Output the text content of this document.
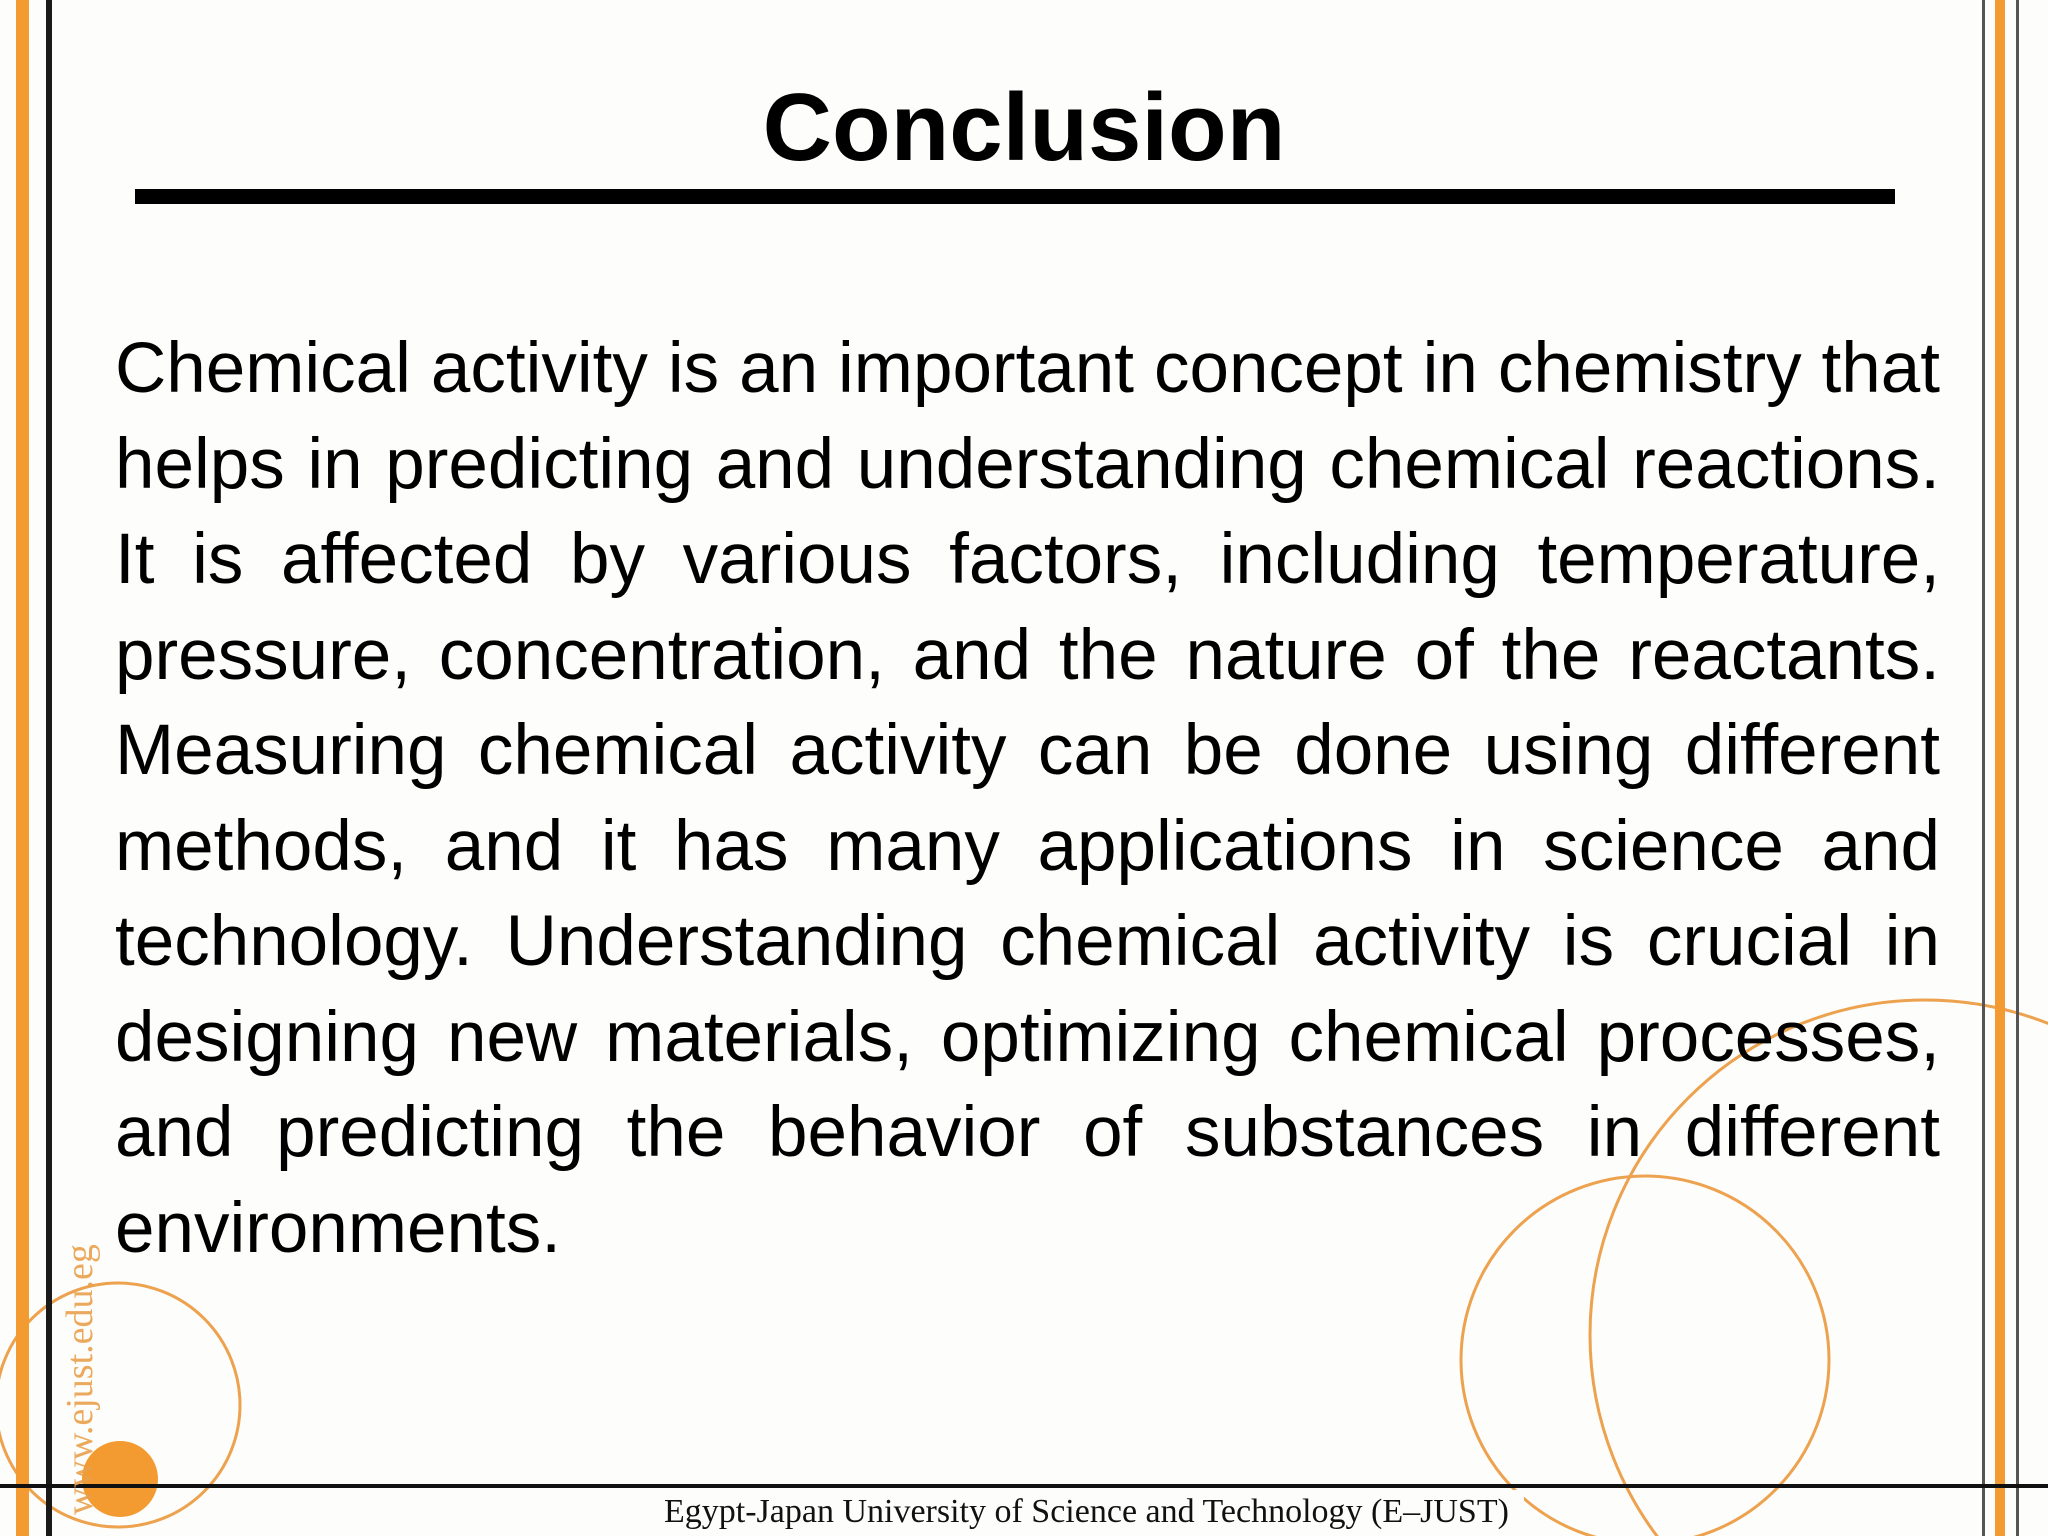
Conclusion

Chemical activity is an important concept in chemistry that helps in predicting and understanding chemical reactions. It is affected by various factors, including temperature, pressure, concentration, and the nature of the reactants. Measuring chemical activity can be done using different methods, and it has many applications in science and technology. Understanding chemical activity is crucial in designing new materials, optimizing chemical processes, and predicting the behavior of substances in different environments.

Egypt-Japan University of Science and Technology (E–JUST)
www.ejust.edu.eg
